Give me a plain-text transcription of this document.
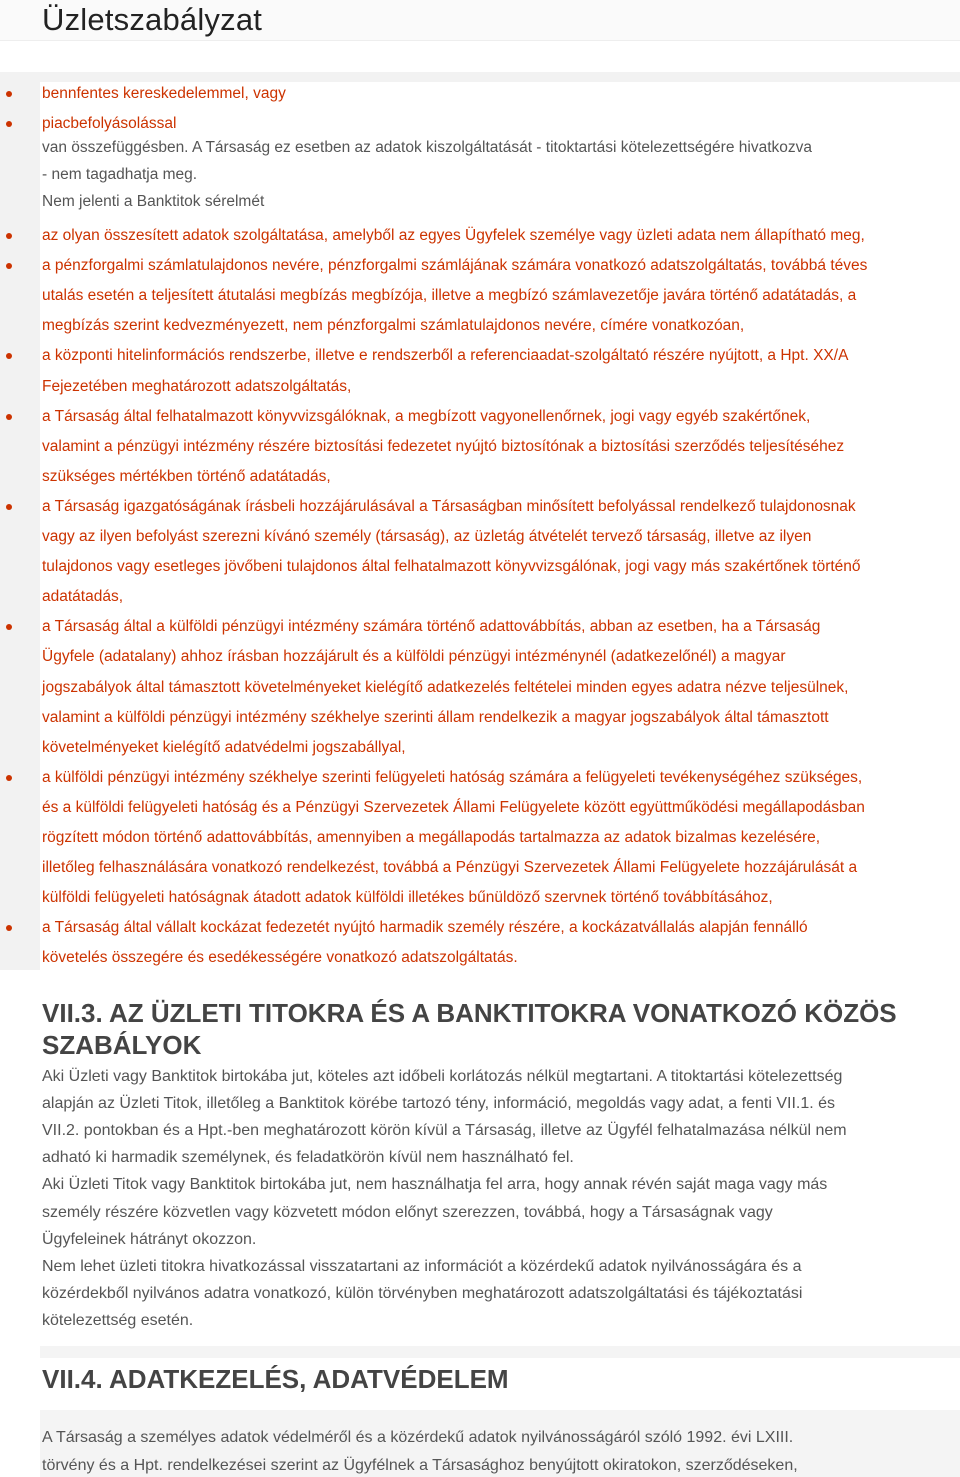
Üzletszabályzat
bennfentes kereskedelemmel, vagy
piacbefolyásolással
van összefüggésben. A Társaság ez esetben az adatok kiszolgáltatását - titoktartási kötelezettségére hivatkozva
- nem tagadhatja meg.
Nem jelenti a Banktitok sérelmét
az olyan összesített adatok szolgáltatása, amelyből az egyes Ügyfelek személye vagy üzleti adata nem állapítható meg,
a pénzforgalmi számlatulajdonos nevére, pénzforgalmi számlájának számára vonatkozó adatszolgáltatás, továbbá téves
utalás esetén a teljesített átutalási megbízás megbízója, illetve a megbízó számlavezetője javára történő adatátadás, a
megbízás szerint kedvezményezett, nem pénzforgalmi számlatulajdonos nevére, címére vonatkozóan,
a központi hitelinformációs rendszerbe, illetve e rendszerből a referenciaadat-szolgáltató részére nyújtott, a Hpt. XX/A
Fejezetében meghatározott adatszolgáltatás,
a Társaság által felhatalmazott könyvvizsgálóknak, a megbízott vagyonellenőrnek, jogi vagy egyéb szakértőnek,
valamint a pénzügyi intézmény részére biztosítási fedezetet nyújtó biztosítónak a biztosítási szerződés teljesítéséhez
szükséges mértékben történő adatátadás,
a Társaság igazgatóságának írásbeli hozzájárulásával a Társaságban minősített befolyással rendelkező tulajdonosnak
vagy az ilyen befolyást szerezni kívánó személy (társaság), az üzletág átvételét tervező társaság, illetve az ilyen
tulajdonos vagy esetleges jövőbeni tulajdonos által felhatalmazott könyvvizsgálónak, jogi vagy más szakértőnek történő
adatátadás,
a Társaság által a külföldi pénzügyi intézmény számára történő adattovábbítás, abban az esetben, ha a Társaság
Ügyfele (adatalany) ahhoz írásban hozzájárult és a külföldi pénzügyi intézménynél (adatkezelőnél) a magyar
jogszabályok által támasztott követelményeket kielégítő adatkezelés feltételei minden egyes adatra nézve teljesülnek,
valamint a külföldi pénzügyi intézmény székhelye szerinti állam rendelkezik a magyar jogszabályok által támasztott
követelményeket kielégítő adatvédelmi jogszabállyal,
a külföldi pénzügyi intézmény székhelye szerinti felügyeleti hatóság számára a felügyeleti tevékenységéhez szükséges,
és a külföldi felügyeleti hatóság és a Pénzügyi Szervezetek Állami Felügyelete között együttműködési megállapodásban
rögzített módon történő adattovábbítás, amennyiben a megállapodás tartalmazza az adatok bizalmas kezelésére,
illetőleg felhasználására vonatkozó rendelkezést, továbbá a Pénzügyi Szervezetek Állami Felügyelete hozzájárulását a
külföldi felügyeleti hatóságnak átadott adatok külföldi illetékes bűnüldöző szervnek történő továbbításához,
a Társaság által vállalt kockázat fedezetét nyújtó harmadik személy részére, a kockázatvállalás alapján fennálló
követelés összegére és esedékességére vonatkozó adatszolgáltatás.
VII.3. AZ ÜZLETI TITOKRA ÉS A BANKTITOKRA VONATKOZÓ KÖZÖS
SZABÁLYOK
Aki Üzleti vagy Banktitok birtokába jut, köteles azt időbeli korlátozás nélkül megtartani. A titoktartási kötelezettség
alapján az Üzleti Titok, illetőleg a Banktitok körébe tartozó tény, információ, megoldás vagy adat, a fenti VII.1. és
VII.2. pontokban és a Hpt.-ben meghatározott körön kívül a Társaság, illetve az Ügyfél felhatalmazása nélkül nem
adható ki harmadik személynek, és feladatkörön kívül nem használható fel.
Aki Üzleti Titok vagy Banktitok birtokába jut, nem használhatja fel arra, hogy annak révén saját maga vagy más
személy részére közvetlen vagy közvetett módon előnyt szerezzen, továbbá, hogy a Társaságnak vagy
Ügyfeleinek hátrányt okozzon.
Nem lehet üzleti titokra hivatkozással visszatartani az információt a közérdekű adatok nyilvánosságára és a
közérdekből nyilvános adatra vonatkozó, külön törvényben meghatározott adatszolgáltatási és tájékoztatási
kötelezettség esetén.
VII.4. ADATKEZELÉS, ADATVÉDELEM
A Társaság a személyes adatok védelméről és a közérdekű adatok nyilvánosságáról szóló 1992. évi LXIII.
törvény és a Hpt. rendelkezései szerint az Ügyfélnek a Társasághoz benyújtott okiratokon, szerződéseken,
